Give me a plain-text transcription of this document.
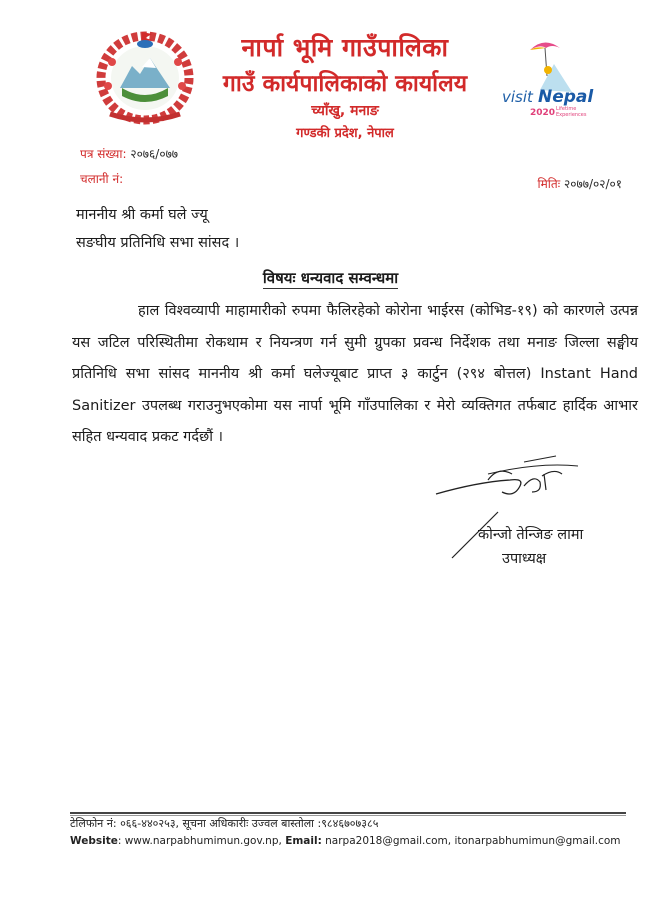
नार्पा भूमि गाउँपालिका
गाउँ कार्यपालिकाको कार्यालय
च्याँखु, मनाङ
गण्डकी प्रदेश, नेपाल
visit Nepal
2020 Lifetime
Experiences
पत्र संख्या: २०७६/०७७
चलानी नं:	मितिः २०७७/०२/०१
माननीय श्री कर्मा घले ज्यू
सङघीय प्रतिनिधि सभा सांसद ।
विषयः धन्यवाद सम्वन्धमा
हाल विश्वव्यापी माहामारीको रुपमा फैलिरहेको कोरोना भाईरस (कोभिड-१९) को कारणले उत्पन्न यस जटिल परिस्थितीमा रोकथाम र नियन्त्रण गर्न सुमी ग्रुपका प्रवन्ध निर्देशक तथा मनाङ जिल्ला सङ्घीय प्रतिनिधि सभा सांसद माननीय श्री कर्मा घलेज्यूबाट प्राप्त ३ कार्टुन (२९४ बोत्तल) Instant Hand Sanitizer उपलब्ध गराउनुभएकोमा यस नार्पा भूमि गाँउपालिका र मेरो व्यक्तिगत तर्फबाट हार्दिक आभार सहित धन्यवाद प्रकट गर्दछौं ।
कोन्जो तेन्जिङ लामा
उपाध्यक्ष
टेलिफोन नं: ०६६-४४०२५३, सूचना अधिकारीः उज्वल बास्तोला :९८४६७०७३८५
Website: www.narpabhumimun.gov.np, Email: narpa2018@gmail.com, itonarpabhumimun@gmail.com
